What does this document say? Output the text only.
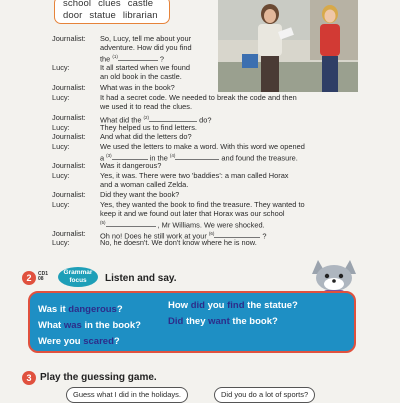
school clues castle
door statue librarian
Journalist: So, Lucy, tell me about your
adventure. How did you find
the $^{(1)}$	?
Lucy:	It all started when we found
an old book in the castle.
Journalist: What was in the book?
Lucy:	It had a secret code. We needed to break the code and then
we used it to read the clues.
Journalist: What did the $^{(2)}$	do?
Lucy:	They helped us to find letters.
Journalist: And what did the letters do?
Lucy:	We used the letters to make a word. With this word we opened
a $^{(3)}$	in the $^{(4)}$	and found the treasure.
Journalist: Was it dangerous?
Lucy:	Yes, it was. There were two 'baddies': a man called Horax
and a woman called Zelda.
Journalist: Did they want the book?
Lucy:	Yes, they wanted the book to find the treasure. They wanted to
keep it and we found out later that Horax was our school
$^{(5)}$	, Mr Williams. We were shocked.
Journalist: Oh no! Does he still work at your $^{(6)}$	?
Lucy:	No, he doesn't. We don't know where he is now.
2	CD1
08
Grammar
focus	Listen and say.
Was it dangerous?
What was in the book?
Were you scared?
How did you find the statue?
Did they want the book?
3 Play the guessing game.
Guess what I did in the holidays.	Did you do a lot of sports?
